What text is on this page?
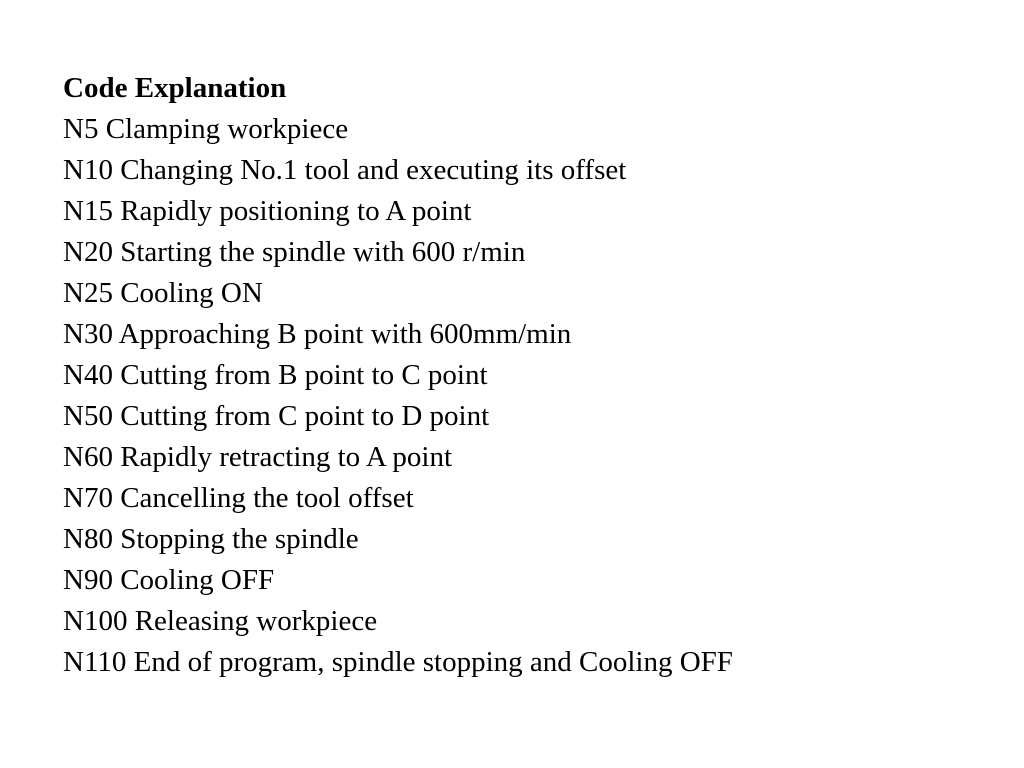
Code Explanation
N5 Clamping workpiece
N10 Changing No.1 tool and executing its offset
N15 Rapidly positioning to A point
N20 Starting the spindle with 600 r/min
N25 Cooling ON
N30 Approaching B point with 600mm/min
N40 Cutting from B point to C point
N50 Cutting from C point to D point
N60 Rapidly retracting to A point
N70 Cancelling the tool offset
N80 Stopping the spindle
N90 Cooling OFF
N100 Releasing workpiece
N110 End of program, spindle stopping and Cooling OFF
